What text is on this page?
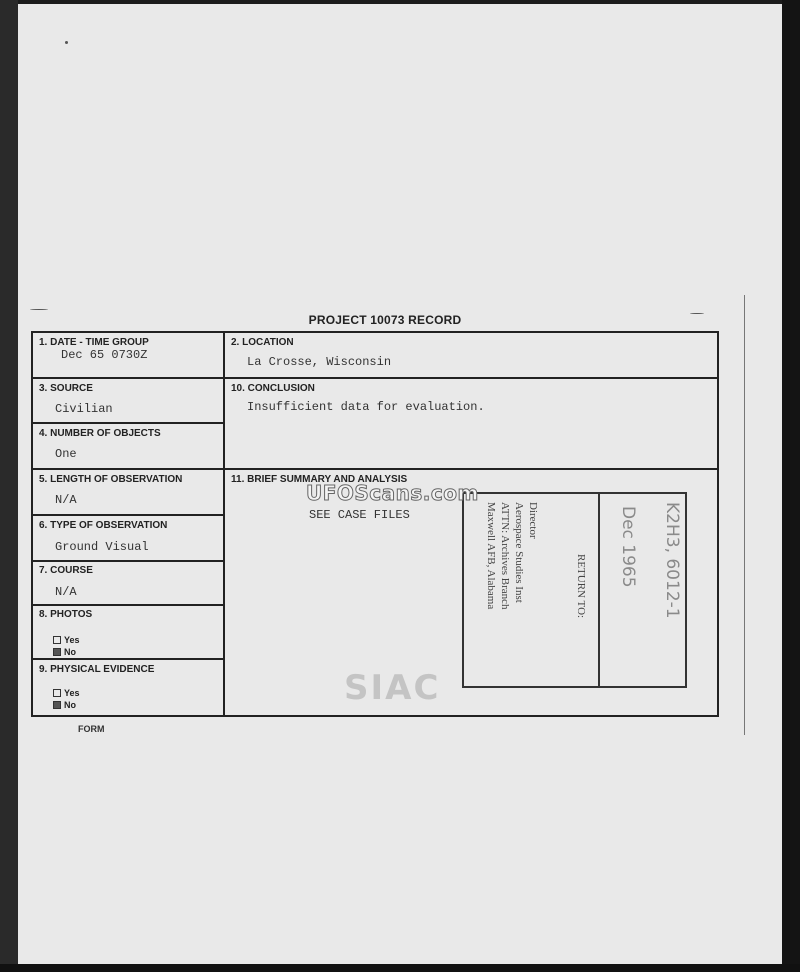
PROJECT 10073 RECORD
1. DATE - TIME GROUP
Dec 65 0730Z
2. LOCATION
La Crosse, Wisconsin
3. SOURCE
Civilian
10. CONCLUSION
Insufficient data for evaluation.
4. NUMBER OF OBJECTS
One
5. LENGTH OF OBSERVATION
N/A
11. BRIEF SUMMARY AND ANALYSIS
SEE CASE FILES
6. TYPE OF OBSERVATION
Ground Visual
7. COURSE
N/A
8. PHOTOS
Yes
No
9. PHYSICAL EVIDENCE
Yes
No
FORM
RETURN TO:
Director
Aerospace Studies Inst
ATTN: Archives Branch
Maxwell AFB, Alabama	K2H3, 6012-1
Dec 1965
SIAC
UFOScans.com
